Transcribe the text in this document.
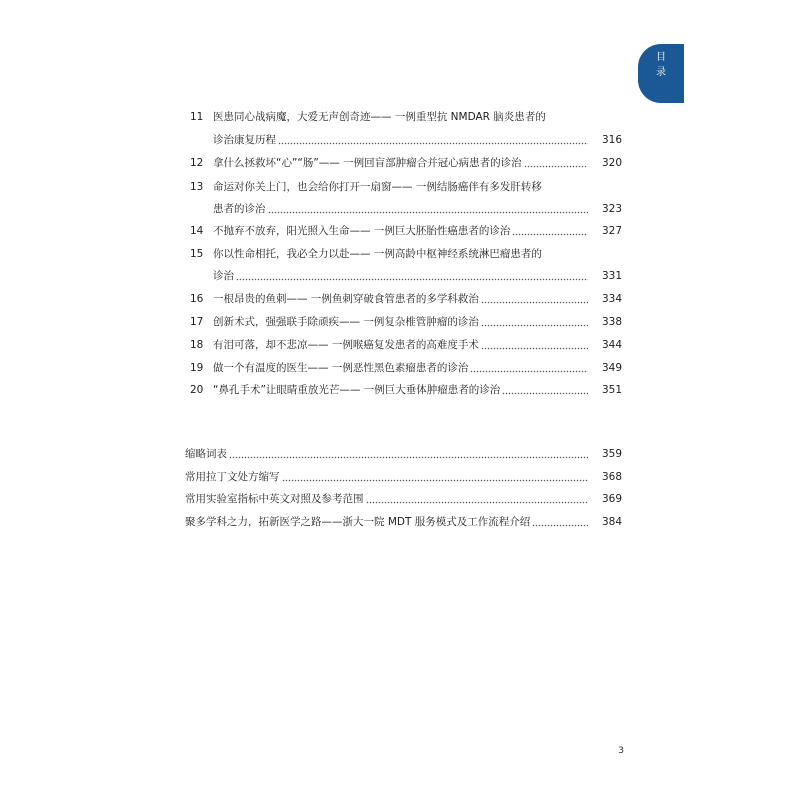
目
录
11 医患同心战病魔，大爱无声创奇迹—— 一例重型抗 NMDAR 脑炎患者的
诊治康复历程	316
12 拿什么拯救坏“心”“肠”—— 一例回盲部肿瘤合并冠心病患者的诊治	320
13 命运对你关上门，也会给你打开一扇窗—— 一例结肠癌伴有多发肝转移
患者的诊治	323
14 不抛弃不放弃，阳光照入生命—— 一例巨大胚胎性癌患者的诊治	327
15 你以性命相托，我必全力以赴—— 一例高龄中枢神经系统淋巴瘤患者的
诊治	331
16 一根昂贵的鱼刺—— 一例鱼刺穿破食管患者的多学科救治	334
17 创新术式，强强联手除顽疾—— 一例复杂椎管肿瘤的诊治	338
18 有泪可落，却不悲凉—— 一例喉癌复发患者的高难度手术	344
19 做一个有温度的医生—— 一例恶性黑色素瘤患者的诊治	349
20 “鼻孔手术”让眼睛重放光芒—— 一例巨大垂体肿瘤患者的诊治	351
缩略词表	359
常用拉丁文处方缩写	368
常用实验室指标中英文对照及参考范围	369
聚多学科之力，拓新医学之路——浙大一院 MDT 服务模式及工作流程介绍	384
3
